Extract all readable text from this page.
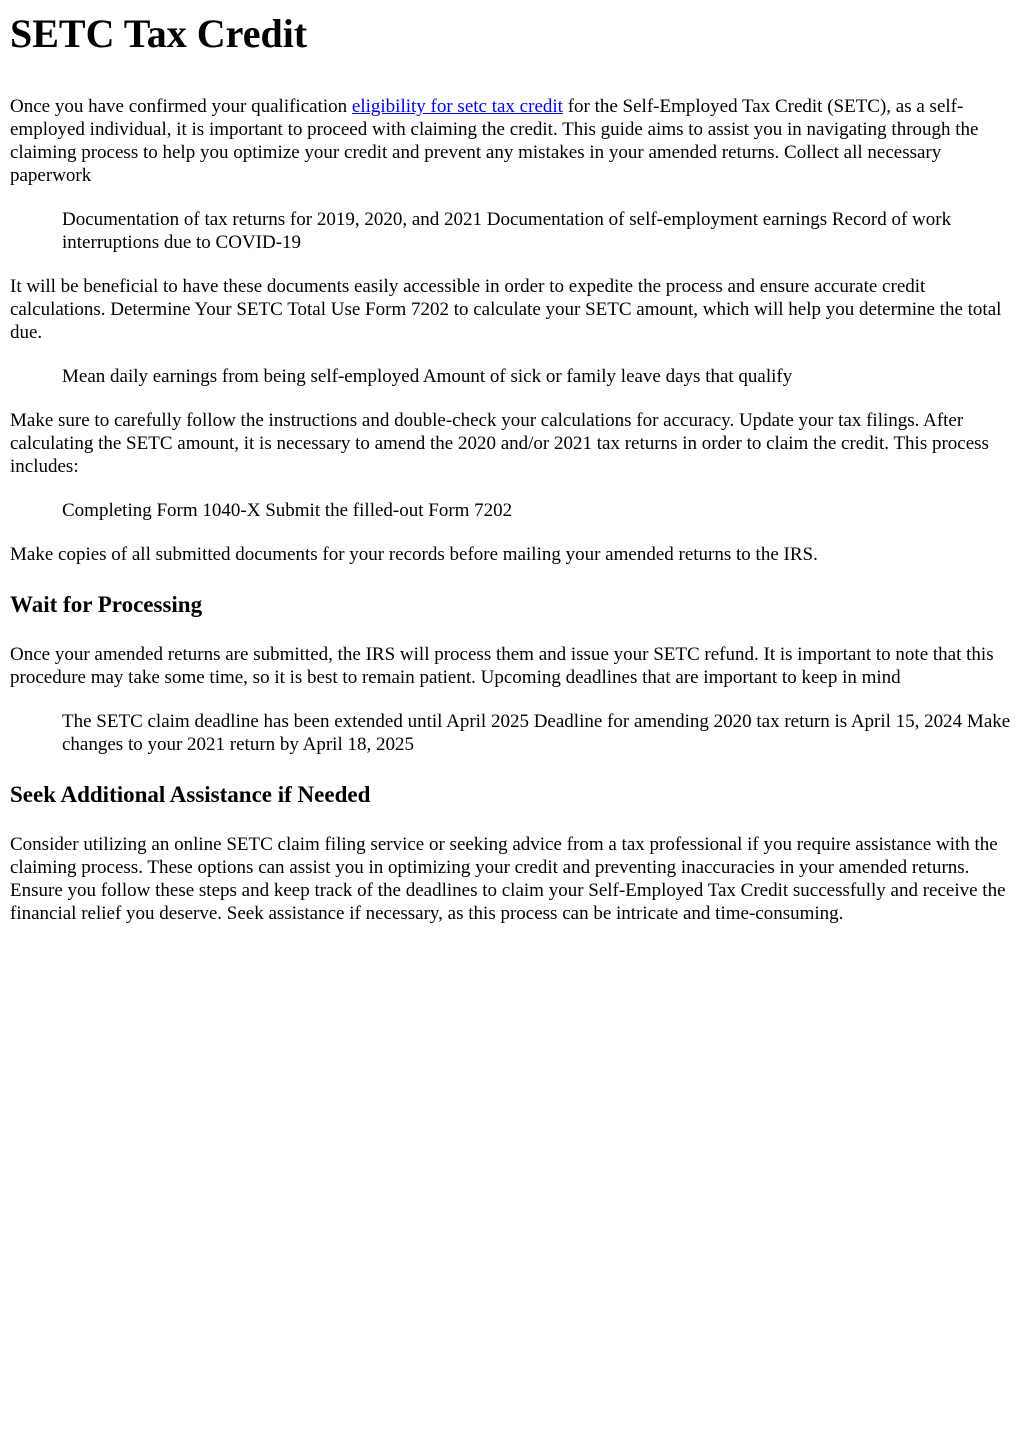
SETC Tax Credit

Once you have confirmed your qualification eligibility for setc tax credit for the Self-Employed Tax Credit (SETC), as a self-employed individual, it is important to proceed with claiming the credit. This guide aims to assist you in navigating through the claiming process to help you optimize your credit and prevent any mistakes in your amended returns. Collect all necessary paperwork

Documentation of tax returns for 2019, 2020, and 2021 Documentation of self-employment earnings Record of work interruptions due to COVID-19

It will be beneficial to have these documents easily accessible in order to expedite the process and ensure accurate credit calculations. Determine Your SETC Total Use Form 7202 to calculate your SETC amount, which will help you determine the total due.

Mean daily earnings from being self-employed Amount of sick or family leave days that qualify

Make sure to carefully follow the instructions and double-check your calculations for accuracy. Update your tax filings. After calculating the SETC amount, it is necessary to amend the 2020 and/or 2021 tax returns in order to claim the credit. This process includes:

Completing Form 1040-X Submit the filled-out Form 7202

Make copies of all submitted documents for your records before mailing your amended returns to the IRS.

Wait for Processing

Once your amended returns are submitted, the IRS will process them and issue your SETC refund. It is important to note that this procedure may take some time, so it is best to remain patient. Upcoming deadlines that are important to keep in mind

The SETC claim deadline has been extended until April 2025 Deadline for amending 2020 tax return is April 15, 2024 Make changes to your 2021 return by April 18, 2025
Seek Additional Assistance if Needed

Consider utilizing an online SETC claim filing service or seeking advice from a tax professional if you require assistance with the claiming process. These options can assist you in optimizing your credit and preventing inaccuracies in your amended returns. Ensure you follow these steps and keep track of the deadlines to claim your Self-Employed Tax Credit successfully and receive the financial relief you deserve. Seek assistance if necessary, as this process can be intricate and time-consuming.
